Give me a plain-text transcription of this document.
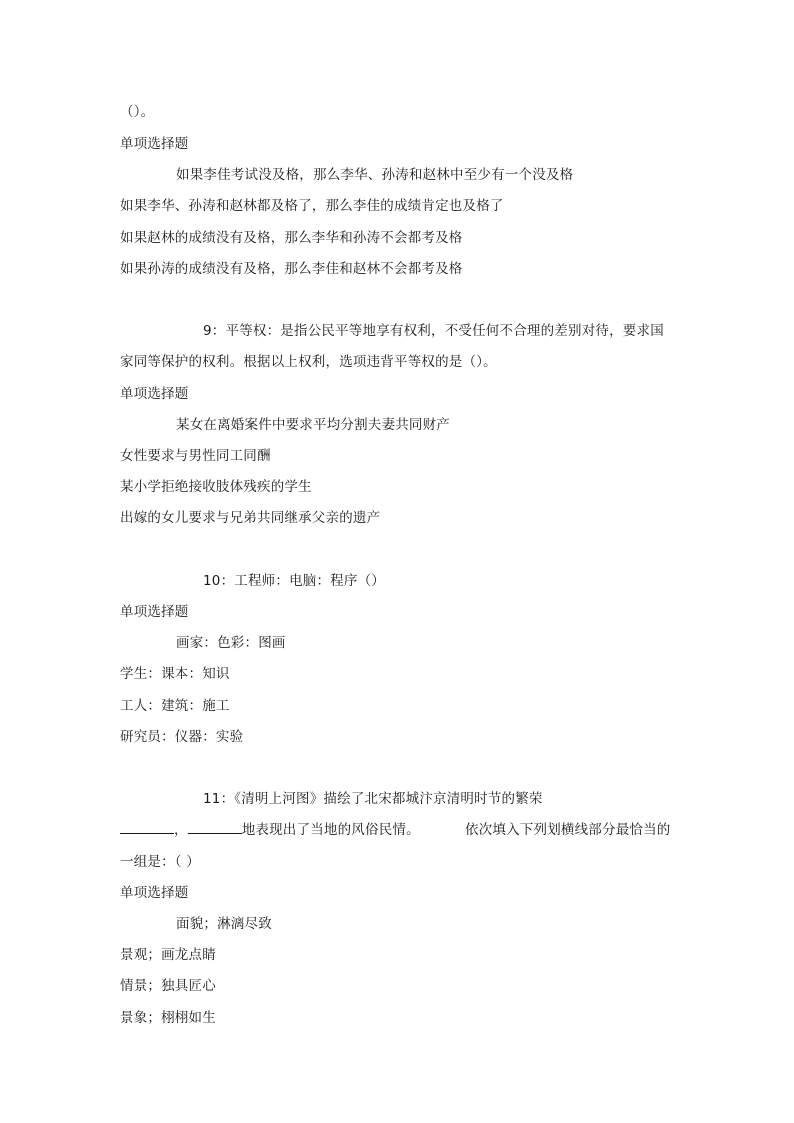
（）。
单项选择题
如果李佳考试没及格，那么李华、孙涛和赵林中至少有一个没及格
如果李华、孙涛和赵林都及格了，那么李佳的成绩肯定也及格了
如果赵林的成绩没有及格，那么李华和孙涛不会都考及格
如果孙涛的成绩没有及格，那么李佳和赵林不会都考及格
9：平等权：是指公民平等地享有权利，不受任何不合理的差别对待，要求国
家同等保护的权利。根据以上权利，选项违背平等权的是（）。
单项选择题
某女在离婚案件中要求平均分割夫妻共同财产
女性要求与男性同工同酬
某小学拒绝接收肢体残疾的学生
出嫁的女儿要求与兄弟共同继承父亲的遗产
10：工程师：电脑：程序（）
单项选择题
画家：色彩：图画
学生：课本：知识
工人：建筑：施工
研究员：仪器：实验
11：《清明上河图》描绘了北宋都城汴京清明时节的繁荣
，	地表现出了当地的风俗民情。	依次填入下列划横线部分最恰当的
一组是：（ ）
单项选择题
面貌；淋漓尽致
景观；画龙点睛
情景；独具匠心
景象；栩栩如生
